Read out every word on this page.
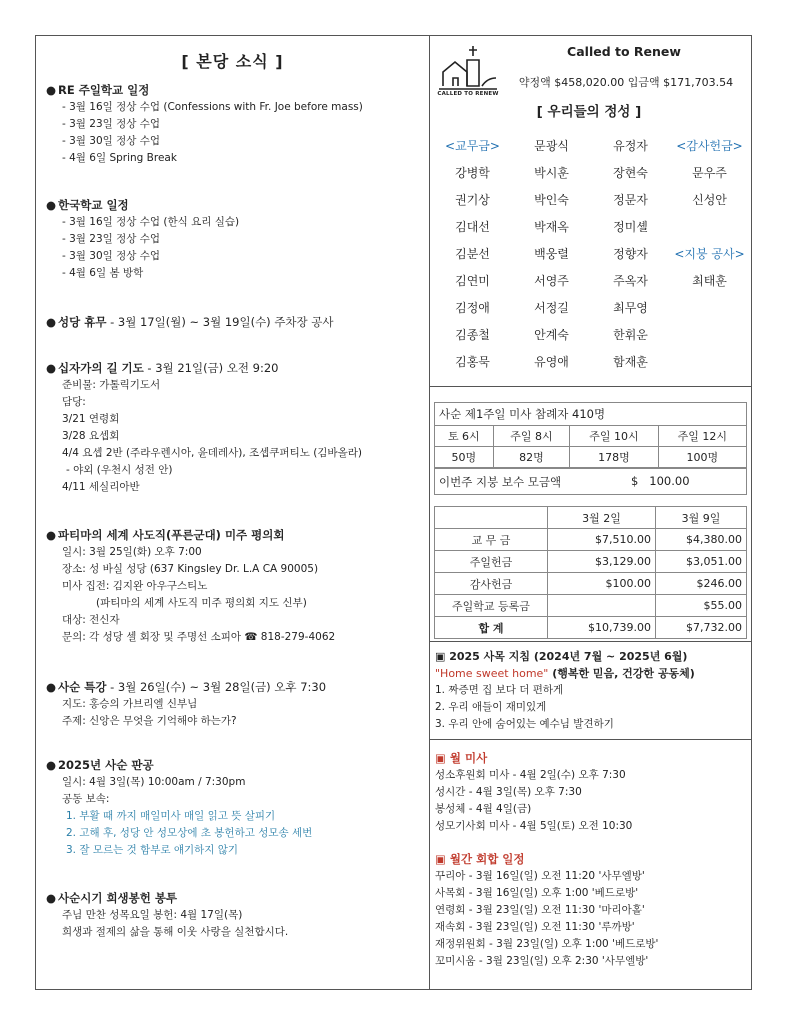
[ 본당 소식 ]
● RE 주일학교 일정
- 3월 16일 정상 수업 (Confessions with Fr. Joe before mass)
- 3월 23일 정상 수업
- 3월 30일 정상 수업
- 4월 6일 Spring Break
● 한국학교 일정
- 3월 16일 정상 수업 (한식 요리 실습)
- 3월 23일 정상 수업
- 3월 30일 정상 수업
- 4월 6일 봄 방학
● 성당 휴무 - 3월 17일(월) ~ 3월 19일(수) 주차장 공사
● 십자가의 길 기도 - 3월 21일(금) 오전 9:20
준비물: 가톨릭기도서
담당:
3/21 연령회
3/28 요셉회
4/4 요셉 2반 (주라우렌시아, 윤데레사), 조셉쿠퍼티노 (김바올라)
- 야외 (우천시 성전 안)
4/11 세실리아반
● 파티마의 세계 사도직(푸른군대) 미주 평의회
일시: 3월 25일(화) 오후 7:00
장소: 성 바실 성당 (637 Kingsley Dr. L.A CA 90005)
미사 집전: 김지완 아우구스티노
(파티마의 세계 사도직 미주 평의회 지도 신부)
대상: 전신자
문의: 각 성당 셀 회장 및 주명선 소피아 ☎ 818-279-4062
● 사순 특강 - 3월 26일(수) ~ 3월 28일(금) 오후 7:30
지도: 홍승의 가브리엘 신부님
주제: 신앙은 무엇을 기억해야 하는가?
● 2025년 사순 판공
일시: 4월 3일(목) 10:00am / 7:30pm
공동 보속:
1. 부활 때 까지 매일미사 매일 읽고 뜻 살피기
2. 고해 후, 성당 안 성모상에 초 봉헌하고 성모송 세번
3. 잘 모르는 것 함부로 얘기하지 않기
● 사순시기 희생봉헌 봉투
주님 만찬 성목요일 봉헌: 4월 17일(목)
희생과 절제의 삶을 통해 이웃 사랑을 실천합시다.
CALLED TO RENEW
Called to Renew
약정액 $458,020.00 입금액 $171,703.54
[ 우리들의 정성 ]
<교무금>	문광식	유정자	<감사헌금>
강병학	박시훈	장현숙	문우주
권기상	박인숙	정문자	신성안
김대선	박재옥	정미셸
김분선	백웅렬	정향자	<지붕 공사>
김연미	서영주	주옥자	최태훈
김정애	서정길	최무영
김종철	안계숙	한휘운
김홍묵	유영애	함재훈
사순 제1주일 미사 참례자 410명			
토 6시	주일 8시	주일 10시	주일 12시
50명	82명	178명	100명
이번주 지붕 보수 모금액	$   100.00
	3월 2일	3월 9일
교 무 금	$7,510.00	$4,380.00
주일헌금	$3,129.00	$3,051.00
감사헌금	$100.00	$246.00
주일학교 등록금		$55.00
합 계	$10,739.00	$7,732.00
▣ 2025 사목 지침 (2024년 7월 ~ 2025년 6월)
"Home sweet home" (행복한 믿음, 건강한 공동체)
1. 짜증면 집 보다 더 편하게
2. 우리 애들이 재미있게
3. 우리 안에 숨어있는 예수님 발견하기
▣ 월 미사
성소후원회 미사 - 4월 2일(수) 오후 7:30
성시간 - 4월 3일(목) 오후 7:30
봉성체 - 4월 4일(금)
성모기사회 미사 - 4월 5일(토) 오전 10:30
▣ 월간 회합 일정
꾸리아 - 3월 16일(일) 오전 11:20 '사무엘방'
사목회 - 3월 16일(일) 오후 1:00 '베드로방'
연령회 - 3월 23일(일) 오전 11:30 '마리아홀'
재속회 - 3월 23일(일) 오전 11:30 '루까방'
재정위원회 - 3월 23일(일) 오후 1:00 '베드로방'
꼬미시움 - 3월 23일(일) 오후 2:30 '사무엘방'
